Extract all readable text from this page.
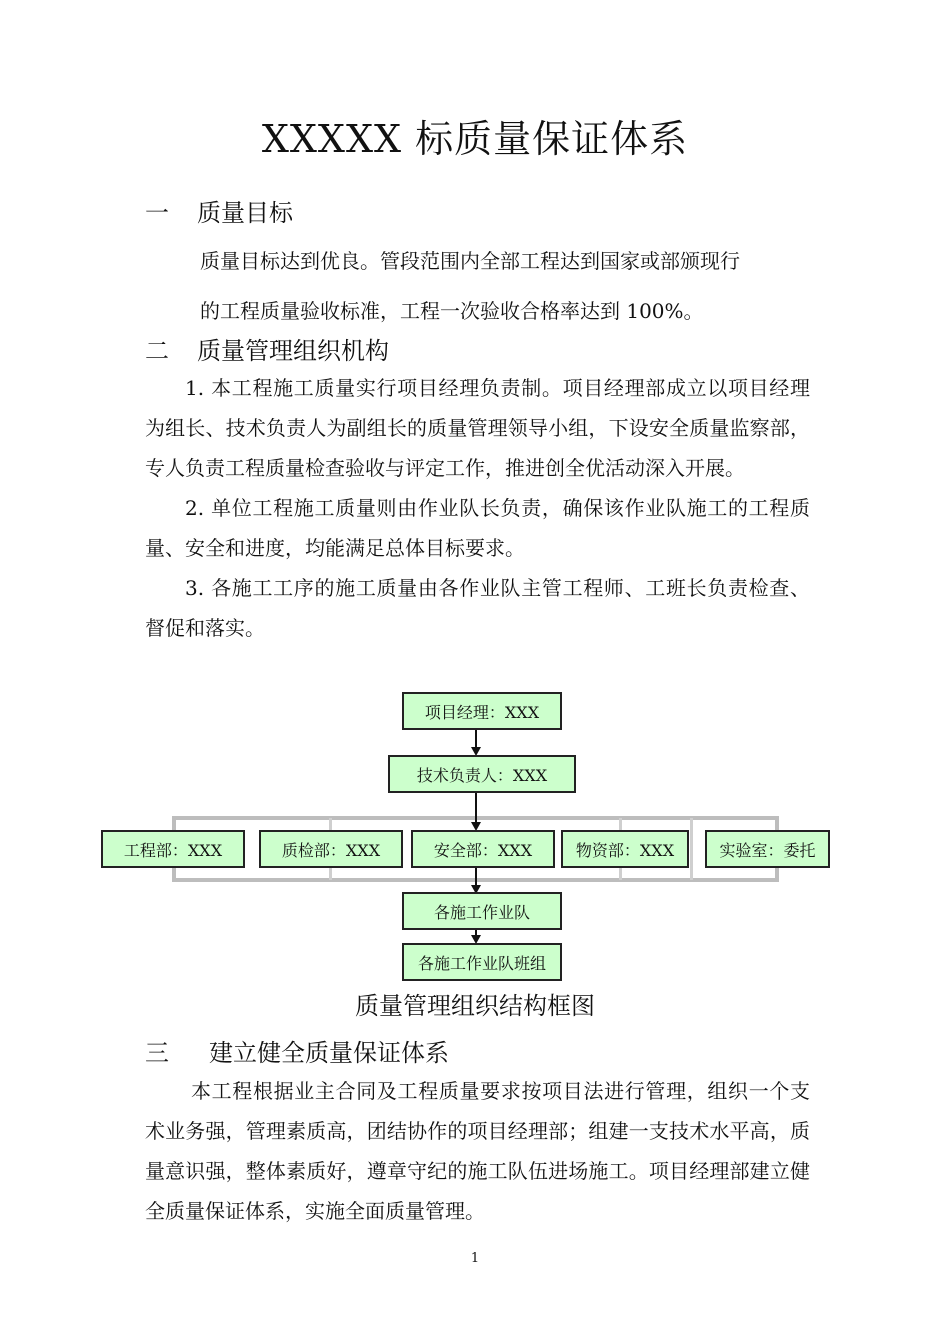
XXXXX 标质量保证体系
一 质量目标

质量目标达到优良。管段范围内全部工程达到国家或部颁现行

的工程质量验收标准，工程一次验收合格率达到 100%。

二 质量管理组织机构

1. 本工程施工质量实行项目经理负责制。项目经理部成立以项目经理为组长、技术负责人为副组长的质量管理领导小组，下设安全质量监察部，专人负责工程质量检查验收与评定工作，推进创全优活动深入开展。

2. 单位工程施工质量则由作业队长负责，确保该作业队施工的工程质量、安全和进度，均能满足总体目标要求。

3. 各施工工序的施工质量由各作业队主管工程师、工班长负责检查、督促和落实。

项目经理：XXX
技术负责人：XXX
工程部：XXX	质检部：XXX	安全部：XXX	物资部：XXX	实验室：委托
各施工作业队
各施工作业队班组
质量管理组织结构框图
三 建立健全质量保证体系

本工程根据业主合同及工程质量要求按项目法进行管理，组织一个支术业务强，管理素质高，团结协作的项目经理部；组建一支技术水平高，质量意识强，整体素质好，遵章守纪的施工队伍进场施工。项目经理部建立健全质量保证体系，实施全面质量管理。

1
